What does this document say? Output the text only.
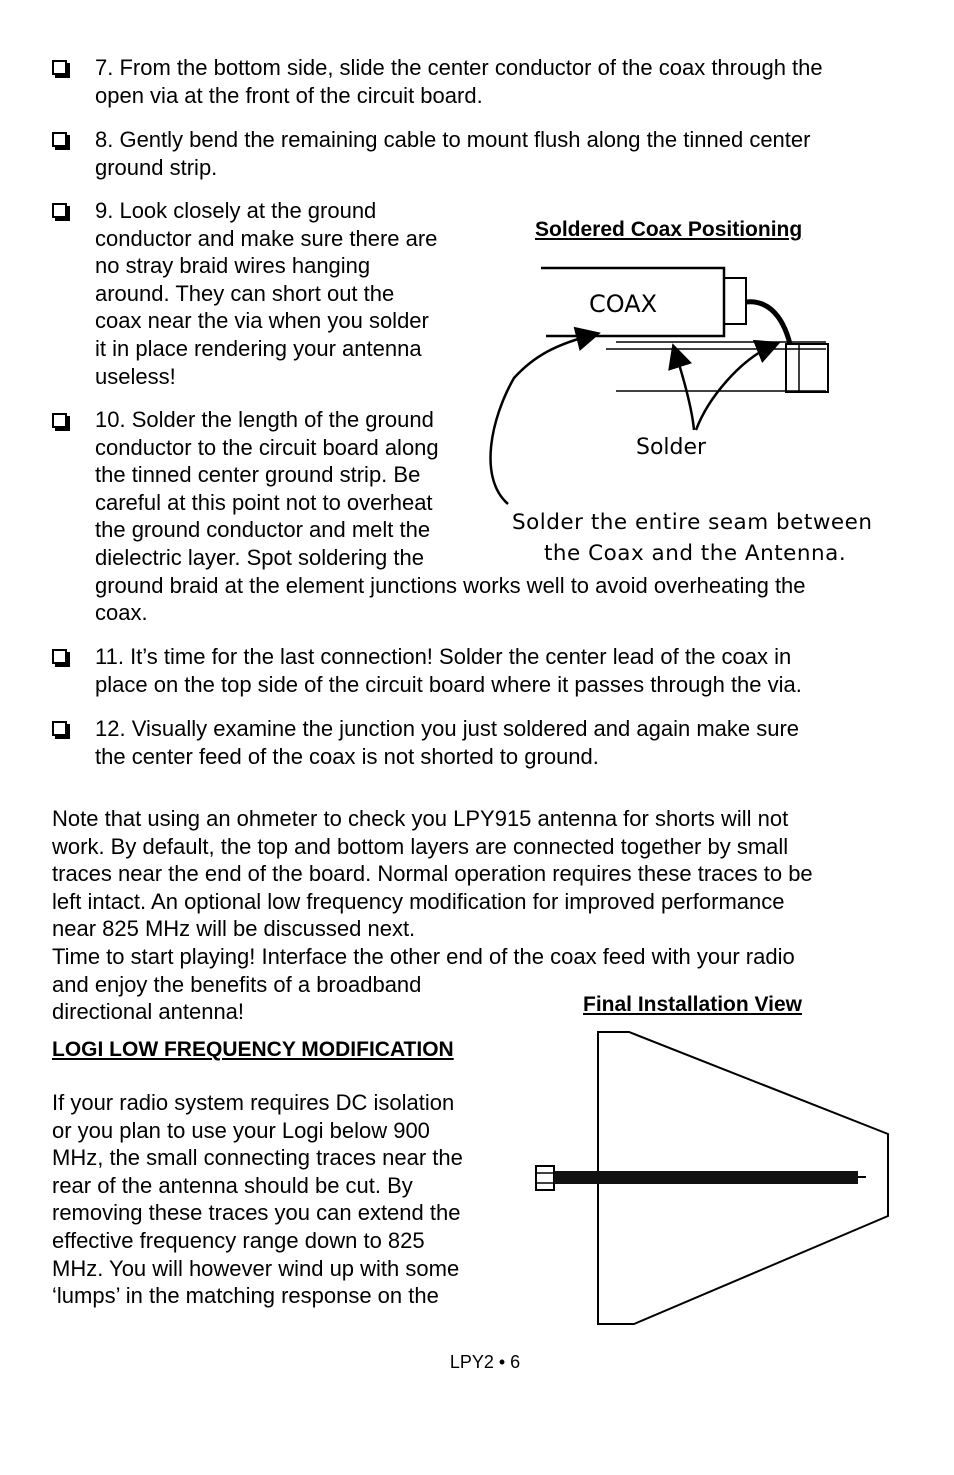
7. From the bottom side, slide the center conductor of the coax through the
open via at the front of the circuit board.
8. Gently bend the remaining cable to mount flush along the tinned center
ground strip.
9. Look closely at the ground
conductor and make sure there are
no stray braid wires hanging
around. They can short out the
coax near the via when you solder
it in place rendering your antenna
useless!
10. Solder the length of the ground
conductor to the circuit board along
the tinned center ground strip. Be
careful at this point not to overheat
the ground conductor and melt the
dielectric layer. Spot soldering the
ground braid at the element junctions works well to avoid overheating the
coax.
Soldered Coax Positioning
COAX
Solder
Solder the entire seam between
the Coax and the Antenna.
11. It’s time for the last connection! Solder the center lead of the coax in
place on the top side of the circuit board where it passes through the via.
12. Visually examine the junction you just soldered and again make sure
the center feed of the coax is not shorted to ground.
Note that using an ohmeter to check you LPY915 antenna for shorts will not
work. By default, the top and bottom layers are connected together by small
traces near the end of the board. Normal operation requires these traces to be
left intact. An optional low frequency modification for improved performance
near 825 MHz will be discussed next.
Time to start playing! Interface the other end of the coax feed with your radio
and enjoy the benefits of a broadband
directional antenna!	Final Installation View
LOGI LOW FREQUENCY MODIFICATION
If your radio system requires DC isolation
or you plan to use your Logi below 900
MHz, the small connecting traces near the
rear of the antenna should be cut. By
removing these traces you can extend the
effective frequency range down to 825
MHz. You will however wind up with some
‘lumps’ in the matching response on the
LPY2 • 6
